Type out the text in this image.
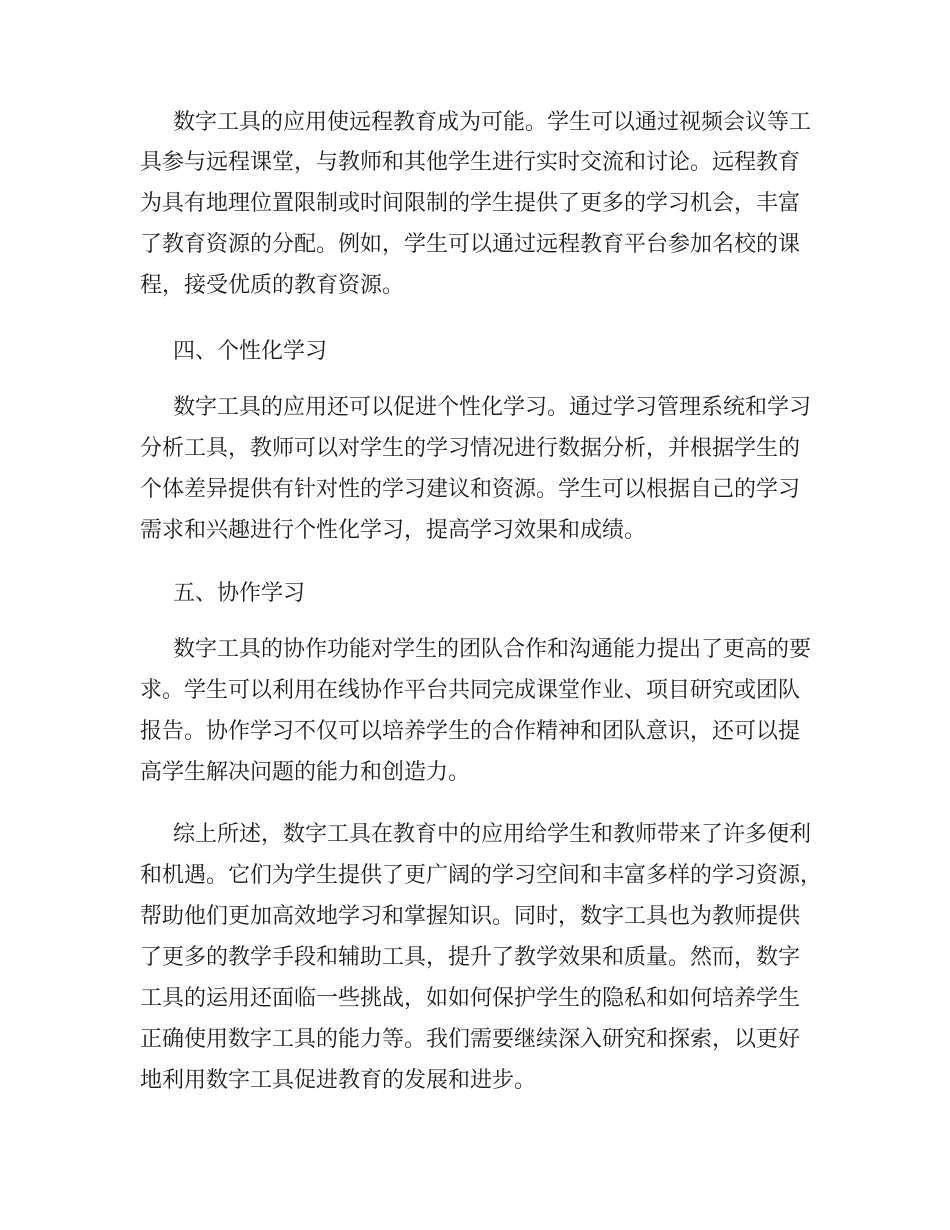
数字工具的应用使远程教育成为可能。学生可以通过视频会议等工

具参与远程课堂，与教师和其他学生进行实时交流和讨论。远程教育

为具有地理位置限制或时间限制的学生提供了更多的学习机会，丰富

了教育资源的分配。例如，学生可以通过远程教育平台参加名校的课

程，接受优质的教育资源。

四、个性化学习

数字工具的应用还可以促进个性化学习。通过学习管理系统和学习

分析工具，教师可以对学生的学习情况进行数据分析，并根据学生的

个体差异提供有针对性的学习建议和资源。学生可以根据自己的学习

需求和兴趣进行个性化学习，提高学习效果和成绩。

五、协作学习

数字工具的协作功能对学生的团队合作和沟通能力提出了更高的要

求。学生可以利用在线协作平台共同完成课堂作业、项目研究或团队

报告。协作学习不仅可以培养学生的合作精神和团队意识，还可以提

高学生解决问题的能力和创造力。

综上所述，数字工具在教育中的应用给学生和教师带来了许多便利

和机遇。它们为学生提供了更广阔的学习空间和丰富多样的学习资源，

帮助他们更加高效地学习和掌握知识。同时，数字工具也为教师提供

了更多的教学手段和辅助工具，提升了教学效果和质量。然而，数字

工具的运用还面临一些挑战，如如何保护学生的隐私和如何培养学生

正确使用数字工具的能力等。我们需要继续深入研究和探索，以更好

地利用数字工具促进教育的发展和进步。
